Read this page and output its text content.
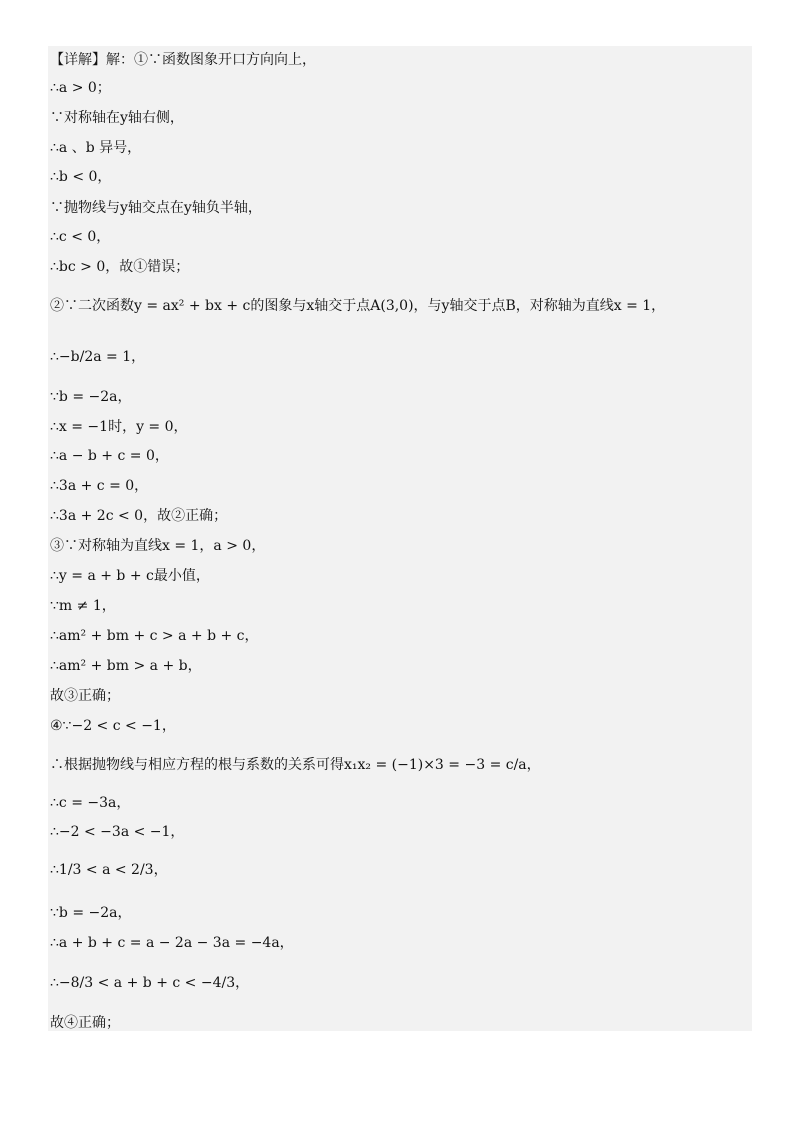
【详解】解：①∵函数图象开口方向向上，
∴a > 0；
∵对称轴在y轴右侧，
∴a 、b 异号，
∴b < 0，
∵抛物线与y轴交点在y轴负半轴，
∴c < 0，
∴bc > 0，故①错误；
②∵二次函数y = ax² + bx + c的图象与x轴交于点A(3,0)，与y轴交于点B，对称轴为直线x = 1，
∴−b/2a = 1，
∵b = −2a，
∴x = −1时，y = 0，
∴a − b + c = 0，
∴3a + c = 0，
∴3a + 2c < 0，故②正确；
③∵对称轴为直线x = 1，a > 0，
∴y = a + b + c最小值，
∵m ≠ 1，
∴am² + bm + c > a + b + c，
∴am² + bm > a + b，
故③正确；
④∵−2 < c < −1，
∴根据抛物线与相应方程的根与系数的关系可得x₁x₂ = (−1)×3 = −3 = c/a，
∴c = −3a，
∴−2 < −3a < −1，
∴1/3 < a < 2/3，
∵b = −2a，
∴a + b + c = a − 2a − 3a = −4a，
∴−8/3 < a + b + c < −4/3，
故④正确；
